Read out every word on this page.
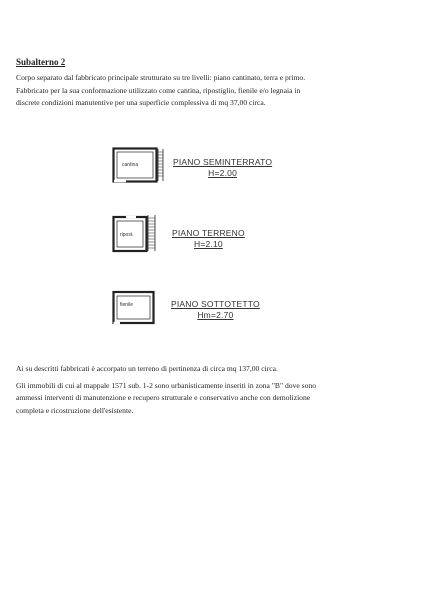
Subalterno 2
Corpo separato dal fabbricato principale strutturato su tre livelli: piano cantinato, terra e primo.
Fabbricato per la sua conformazione utilizzato come cantina, ripostiglio, fienile e/o legnaia in
discrete condizioni manutentive per una superficie complessiva di mq 37,00 circa.
cantina	PIANO SEMINTERRATO
H=2.00
ripost.	PIANO TERRENO
H=2.10
fienile	PIANO SOTTOTETTO
Hm=2.70
Ai su descritti fabbricati è accorpato un terreno di pertinenza di circa mq 137,00 circa.
Gli immobili di cui al mappale 1571 sub. 1-2 sono urbanisticamente inseriti in zona "B" dove sono
ammessi interventi di manutenzione e recupero strutturale e conservativo anche con demolizione
completa e ricostruzione dell'esistente.
